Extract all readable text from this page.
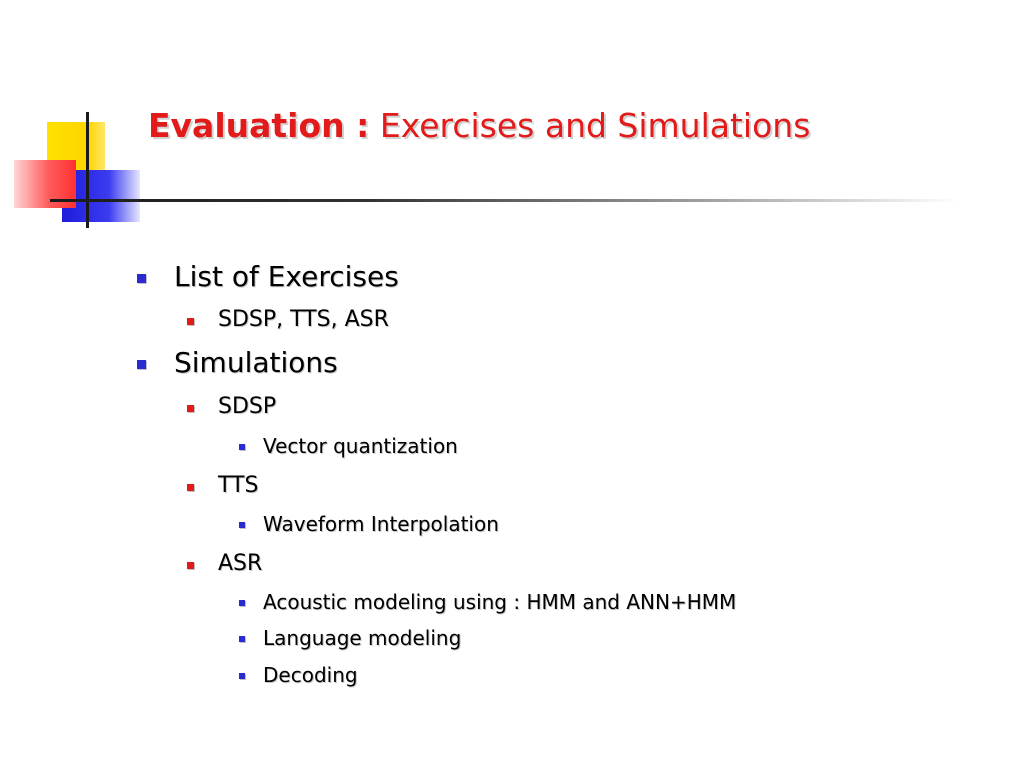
Evaluation : Exercises and Simulations
List of Exercises
SDSP, TTS, ASR
Simulations
SDSP
Vector quantization
TTS
Waveform Interpolation
ASR
Acoustic modeling using : HMM and ANN+HMM
Language modeling
Decoding
